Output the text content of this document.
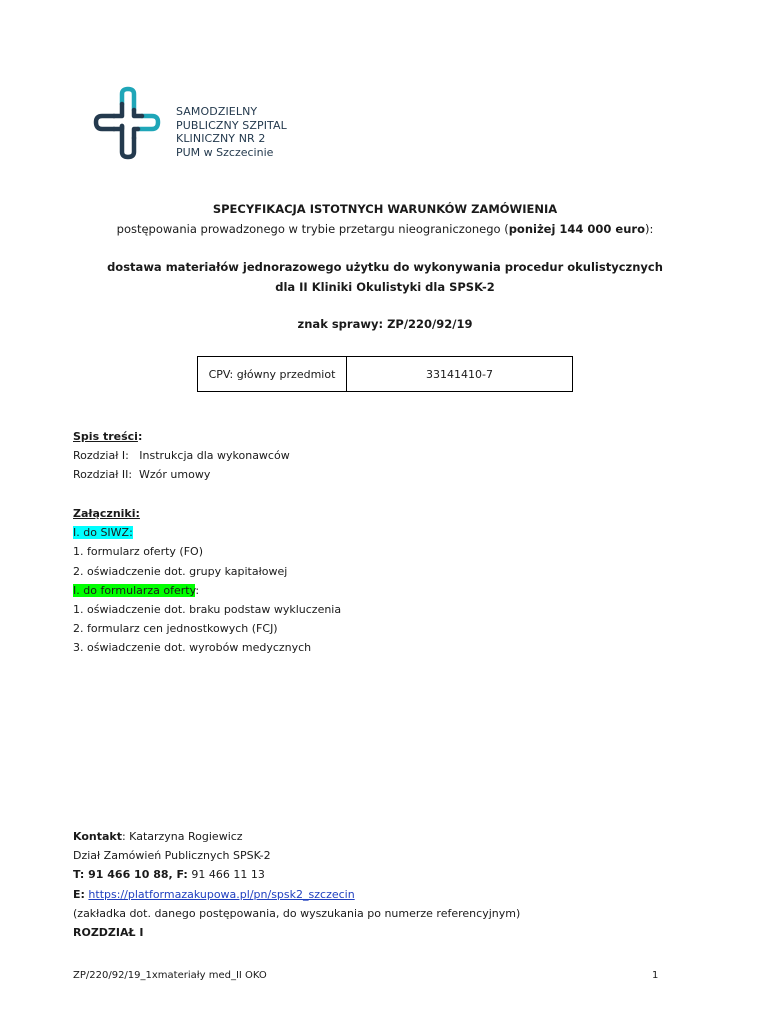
SAMODZIELNY
PUBLICZNY SZPITAL
KLINICZNY NR 2
PUM w Szczecinie
SPECYFIKACJA ISTOTNYCH WARUNKÓW ZAMÓWIENIA
postępowania prowadzonego w trybie przetargu nieograniczonego (poniżej 144 000 euro):
dostawa materiałów jednorazowego użytku do wykonywania procedur okulistycznych
dla II Kliniki Okulistyki dla SPSK-2
znak sprawy: ZP/220/92/19
CPV: główny przedmiot	33141410-7
Spis treści:
Rozdział I:   Instrukcja dla wykonawców
Rozdział II:  Wzór umowy
Załączniki:
I. do SIWZ:
1. formularz oferty (FO)
2. oświadczenie dot. grupy kapitałowej
I. do formularza oferty:
1. oświadczenie dot. braku podstaw wykluczenia
2. formularz cen jednostkowych (FCJ)
3. oświadczenie dot. wyrobów medycznych
Kontakt: Katarzyna Rogiewicz
Dział Zamówień Publicznych SPSK-2
T: 91 466 10 88, F: 91 466 11 13
E: https://platformazakupowa.pl/pn/spsk2_szczecin
(zakładka dot. danego postępowania, do wyszukania po numerze referencyjnym)
ROZDZIAŁ I
ZP/220/92/19_1xmateriały med_II OKO	1
